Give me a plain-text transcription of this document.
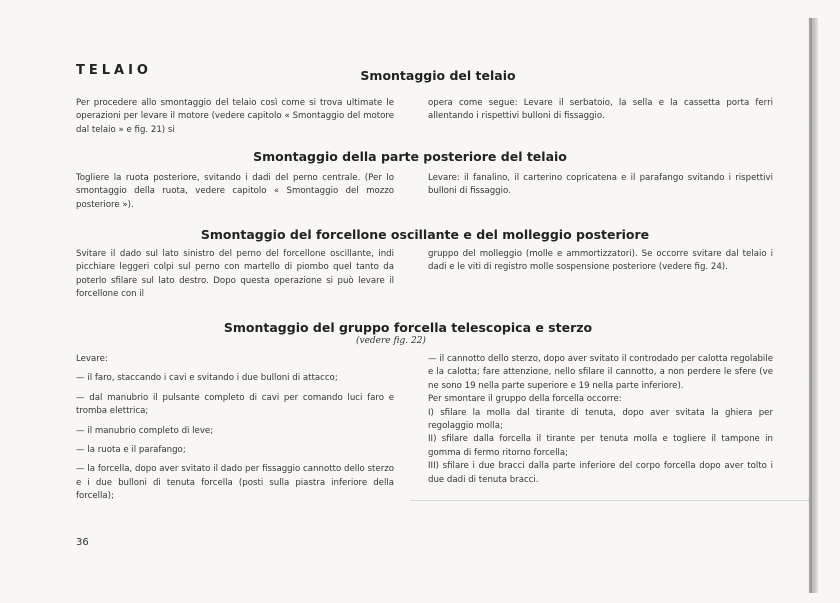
TELAIO	Smontaggio del telaio

Per procedere allo smontaggio del telaio così come si trova ultimate le operazioni per levare il motore (vedere capitolo « Smontaggio del motore dal telaio » e fig. 21) si

opera come segue: Levare il serbatoio, la sella e la cassetta porta ferri allentando i rispettivi bulloni di fissaggio.

Smontaggio della parte posteriore del telaio

Togliere la ruota posteriore, svitando i dadi del perno centrale. (Per lo smontaggio della ruota, vedere capitolo « Smontaggio del mozzo posteriore »).

Levare: il fanalino, il carterino copricatena e il parafango svitando i rispettivi bulloni di fissaggio.

Smontaggio del forcellone oscillante e del molleggio posteriore

Svitare il dado sul lato sinistro del perno del forcellone oscillante, indi picchiare leggeri colpi sul perno con martello di piombo quel tanto da poterlo sfilare sul lato destro. Dopo questa operazione si può levare il forcellone con il

gruppo del molleggio (molle e ammortizzatori). Se occorre svitare dal telaio i dadi e le viti di registro molle sospensione posteriore (vedere fig. 24).

Smontaggio del gruppo forcella telescopica e sterzo
(vedere fig. 22)

Levare:

— il faro, staccando i cavi e svitando i due bulloni di attacco;

— dal manubrio il pulsante completo di cavi per comando luci faro e tromba elettrica;

— il manubrio completo di leve;

— la ruota e il parafango;

— la forcella, dopo aver svitato il dado per fissaggio cannotto dello sterzo e i due bulloni di tenuta forcella (posti sulla piastra inferiore della forcella);

— il cannotto dello sterzo, dopo aver svitato il controdado per calotta regolabile e la calotta; fare attenzione, nello sfilare il cannotto, a non perdere le sfere (ve ne sono 19 nella parte superiore e 19 nella parte inferiore).

Per smontare il gruppo della forcella occorre:

I) sfilare la molla dal tirante di tenuta, dopo aver svitata la ghiera per regolaggio molla;

II) sfilare dalla forcella il tirante per tenuta molla e togliere il tampone in gomma di fermo ritorno forcella;

III) sfilare i due bracci dalla parte inferiore del corpo forcella dopo aver tolto i due dadi di tenuta bracci.

36
